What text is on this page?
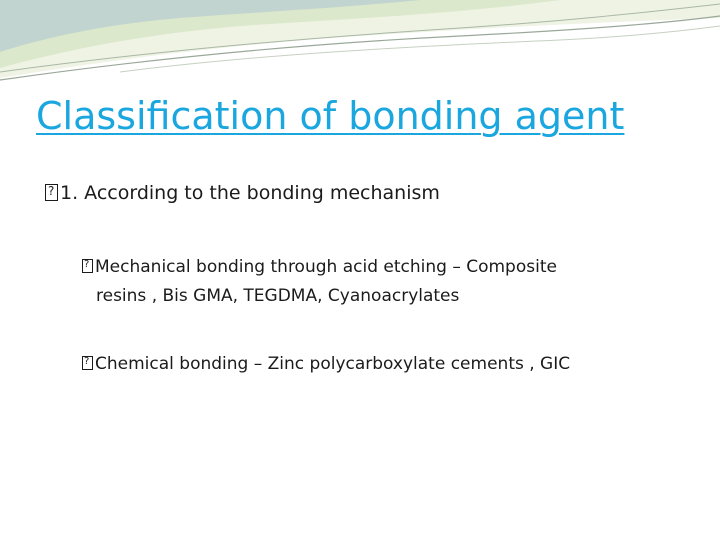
Classification of bonding agent
?1. According to the bonding mechanism
?Mechanical bonding through acid etching – Composite
resins , Bis GMA, TEGDMA, Cyanoacrylates
?Chemical bonding – Zinc polycarboxylate cements , GIC
